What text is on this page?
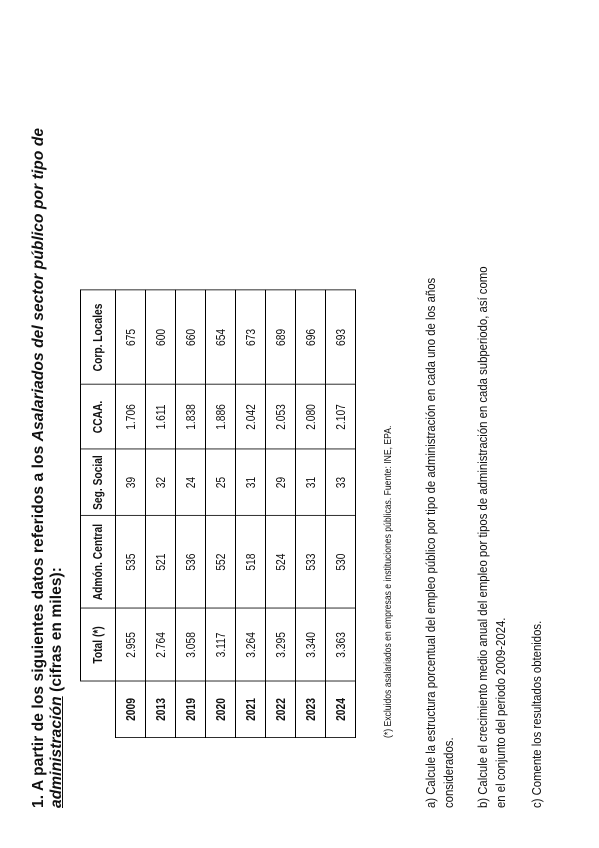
1. A partir de los siguientes datos referidos a los Asalariados del sector público por tipo de
administración (cifras en miles):
	Total (*)	Admón. Central	Seg. Social	CCAA.	Corp. Locales
2009	2.955	535	39	1.706	675
2013	2.764	521	32	1.611	600
2019	3.058	536	24	1.838	660
2020	3.117	552	25	1.886	654
2021	3.264	518	31	2.042	673
2022	3.295	524	29	2.053	689
2023	3.340	533	31	2.080	696
2024	3.363	530	33	2.107	693
(*) Excluidos asalariados en empresas e instituciones públicas. Fuente: INE, EPA. a) Calcule la estructura porcentual del empleo público por tipo de administración en cada uno de los años considerados. b) Calcule el crecimiento medio anual del empleo por tipos de administración en cada subperiodo, así como en el conjunto del periodo 2009-2024. c) Comente los resultados obtenidos.
